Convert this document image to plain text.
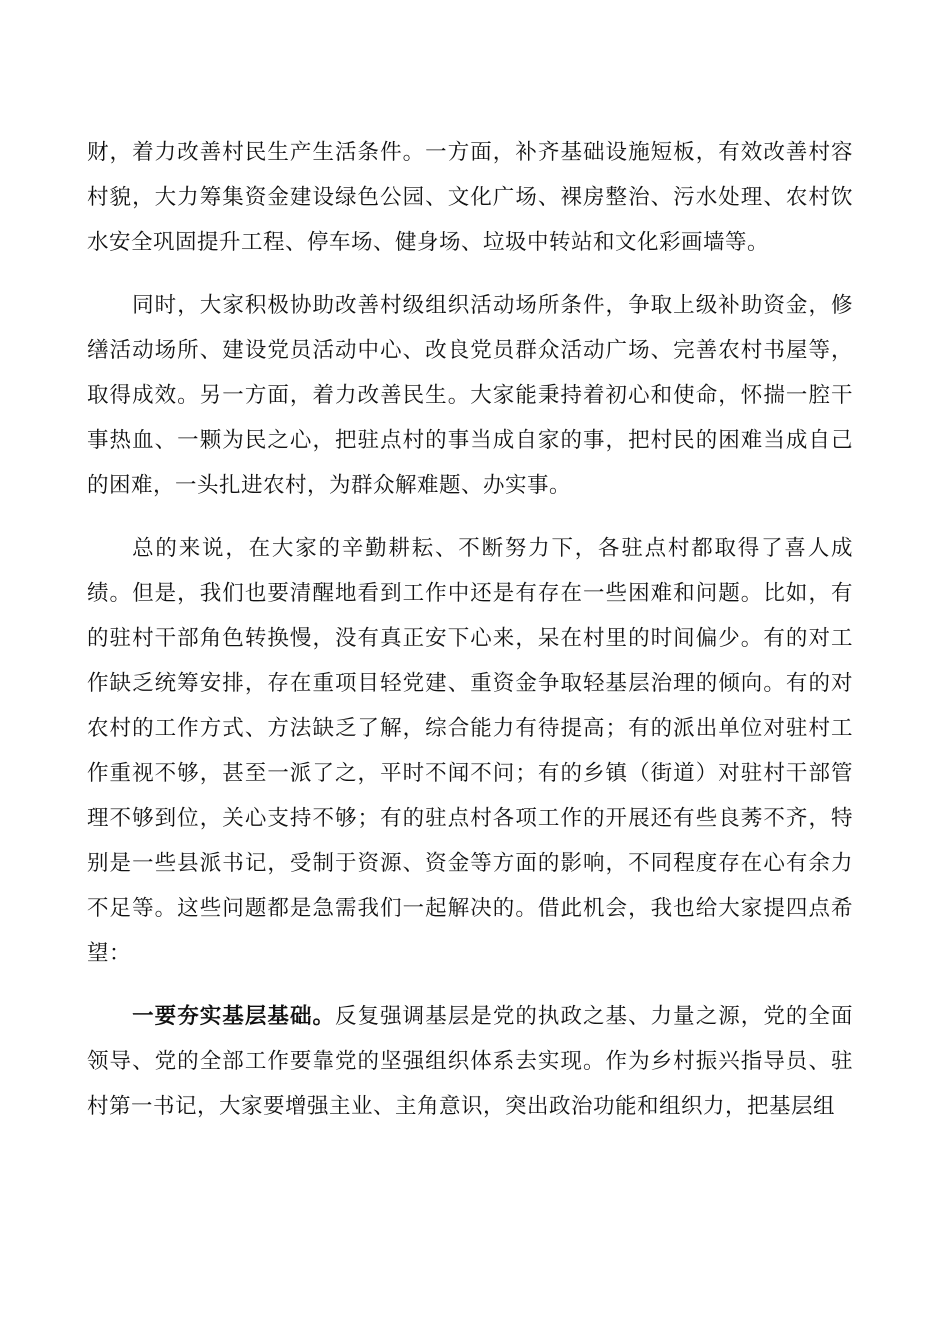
财，着力改善村民生产生活条件。一方面，补齐基础设施短板，有效改善村容村貌，大力筹集资金建设绿色公园、文化广场、裸房整治、污水处理、农村饮水安全巩固提升工程、停车场、健身场、垃圾中转站和文化彩画墙等。

同时，大家积极协助改善村级组织活动场所条件，争取上级补助资金，修缮活动场所、建设党员活动中心、改良党员群众活动广场、完善农村书屋等，取得成效。另一方面，着力改善民生。大家能秉持着初心和使命，怀揣一腔干事热血、一颗为民之心，把驻点村的事当成自家的事，把村民的困难当成自己的困难，一头扎进农村，为群众解难题、办实事。

总的来说，在大家的辛勤耕耘、不断努力下，各驻点村都取得了喜人成绩。但是，我们也要清醒地看到工作中还是有存在一些困难和问题。比如，有的驻村干部角色转换慢，没有真正安下心来，呆在村里的时间偏少。有的对工作缺乏统筹安排，存在重项目轻党建、重资金争取轻基层治理的倾向。有的对农村的工作方式、方法缺乏了解，综合能力有待提高；有的派出单位对驻村工作重视不够，甚至一派了之，平时不闻不问；有的乡镇（街道）对驻村干部管理不够到位，关心支持不够；有的驻点村各项工作的开展还有些良莠不齐，特别是一些县派书记，受制于资源、资金等方面的影响，不同程度存在心有余力不足等。这些问题都是急需我们一起解决的。借此机会，我也给大家提四点希望：

一要夯实基层基础。反复强调基层是党的执政之基、力量之源，党的全面领导、党的全部工作要靠党的坚强组织体系去实现。作为乡村振兴指导员、驻村第一书记，大家要增强主业、主角意识，突出政治功能和组织力，把基层组
